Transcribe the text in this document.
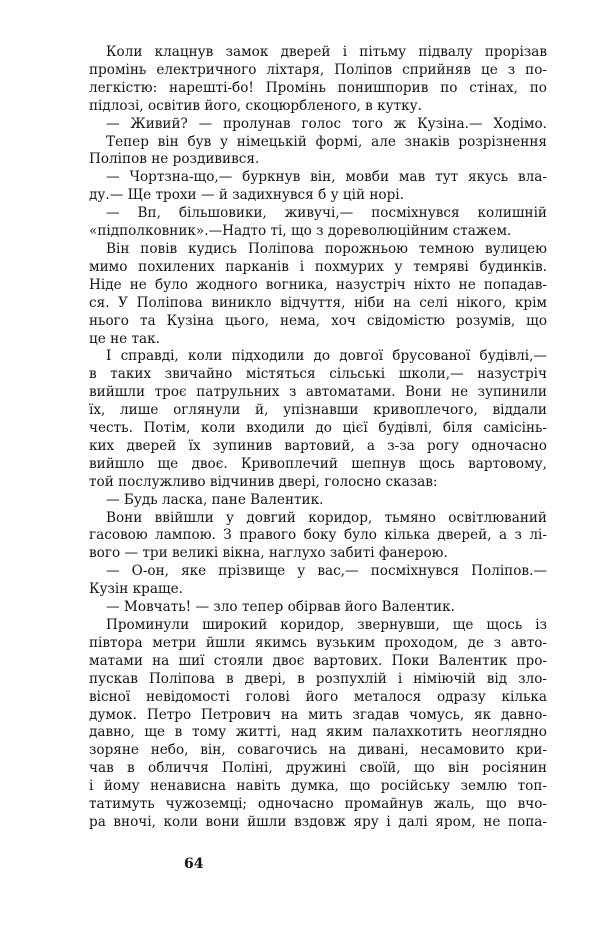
Коли клацнув замок дверей і пітьму підвалу прорізав
промінь електричного ліхтаря, Поліпов сприйняв це з по-
легкістю: нарешті-бо! Промінь понишпорив по стінах, по
підлозі, освітив його, скоцюрбленого, в кутку.
— Живий? — пролунав голос того ж Кузіна.— Ходімо.
Тепер він був у німецькій формі, але знаків розрізнення
Поліпов не роздивився.
— Чортзна-що,— буркнув він, мовби мав тут якусь вла-
ду.— Ще трохи — й задихнувся б у цій норі.
— Вп, більшовики, живучі,— посміхнувся колишній
«підполковник».—Надто ті, що з дореволюційним стажем.
Він повів кудись Поліпова порожньою темною вулицею
мимо похилених парканів і похмурих у темряві будинків.
Ніде не було жодного вогника, назустріч ніхто не попадав-
ся. У Поліпова виникло відчуття, ніби на селі нікого, крім
нього та Кузіна цього, нема, хоч свідомістю розумів, що
це не так.
І справді, коли підходили до довгої брусованої будівлі,—
в таких звичайно містяться сільські школи,— назустріч
вийшли троє патрульних з автоматами. Вони не зупинили
їх, лише оглянули й, упізнавши кривоплечого, віддали
честь. Потім, коли входили до цієї будівлі, біля самісінь-
ких дверей їх зупинив вартовий, а з-за рогу одночасно
вийшло ще двоє. Кривоплечий шепнув щось вартовому,
той послужливо відчинив двері, голосно сказав:
— Будь ласка, пане Валентик.
Вони ввійшли у довгий коридор, тьмяно освітлюваний
гасовою лампою. З правого боку було кілька дверей, а з лі-
вого — три великі вікна, наглухо забиті фанерою.
— О-он, яке прізвище у вас,— посміхнувся Поліпов.—
Кузін краще.
— Мовчать! — зло тепер обірвав його Валентик.
Проминули широкий коридор, звернувши, ще щось із
півтора метри йшли якимсь вузьким проходом, де з авто-
матами на шиї стояли двоє вартових. Поки Валентик про-
пускав Поліпова в двері, в розпухлій і німіючій від зло-
вісної невідомості голові його металося одразу кілька
думок. Петро Петрович на мить згадав чомусь, як давно-
давно, ще в тому житті, над яким палахкотить неоглядно
зоряне небо, він, совагочись на дивані, несамовито кри-
чав в обличчя Поліні, дружині своїй, що він росіянин
і йому ненависна навіть думка, що російську землю топ-
татимуть чужоземці; одночасно промайнув жаль, що вчо-
ра вночі, коли вони йшли вздовж яру і далі яром, не попа-
64
